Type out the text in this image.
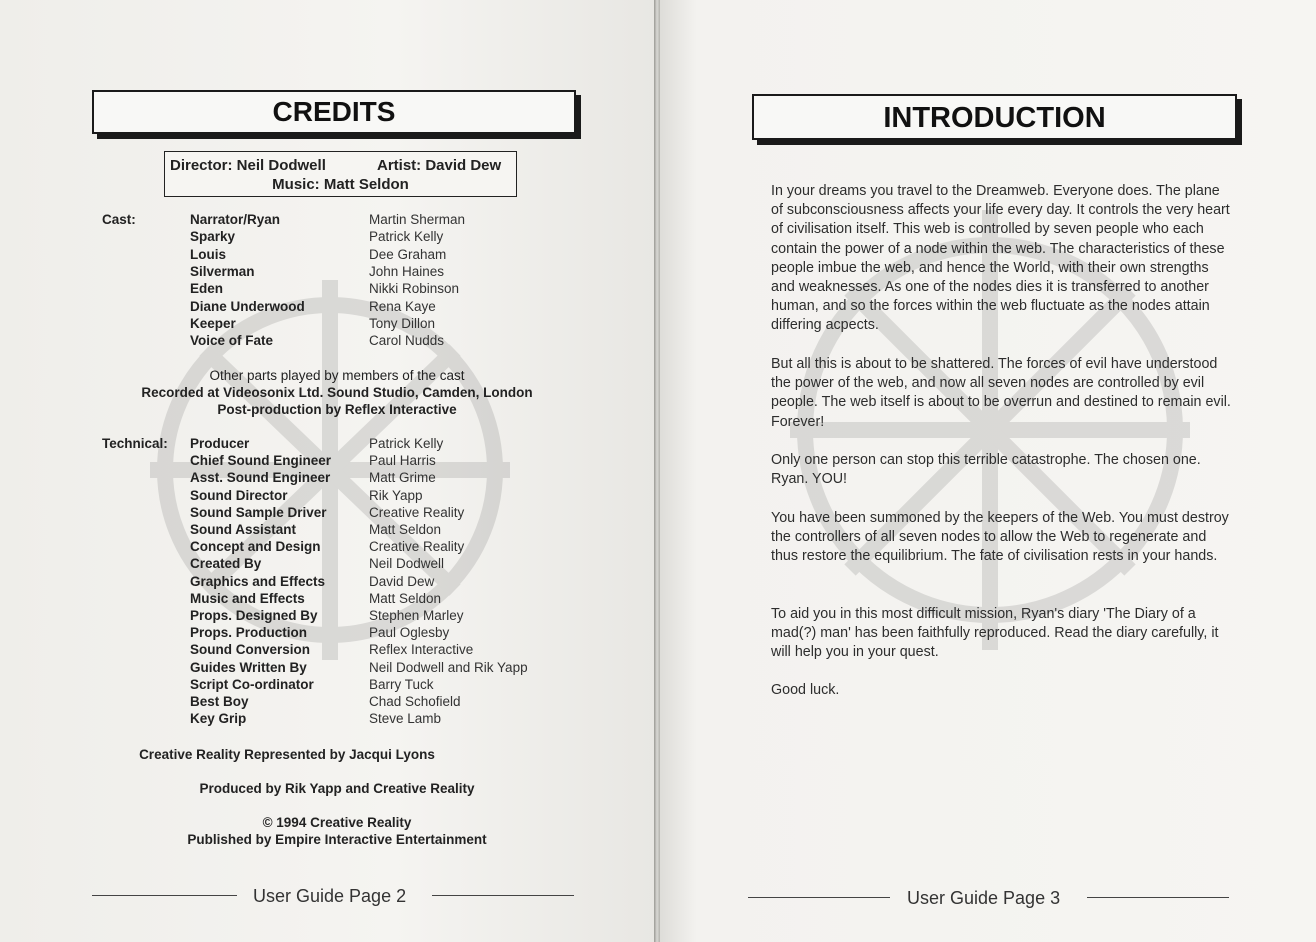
CREDITS
Director: Neil Dodwell	Artist: David Dew
Music: Matt Seldon
Cast:	Narrator/Ryan	Martin Sherman
Sparky	Patrick Kelly
Louis	Dee Graham
Silverman	John Haines
Eden	Nikki Robinson
Diane Underwood	Rena Kaye
Keeper	Tony Dillon
Voice of Fate	Carol Nudds
Other parts played by members of the cast
Recorded at Videosonix Ltd. Sound Studio, Camden, London
Post-production by Reflex Interactive
Technical: Producer	Patrick Kelly
Chief Sound Engineer	Paul Harris
Asst. Sound Engineer	Matt Grime
Sound Director	Rik Yapp
Sound Sample Driver	Creative Reality
Sound Assistant	Matt Seldon
Concept and Design	Creative Reality
Created By	Neil Dodwell
Graphics and Effects	David Dew
Music and Effects	Matt Seldon
Props. Designed By	Stephen Marley
Props. Production	Paul Oglesby
Sound Conversion	Reflex Interactive
Guides Written By	Neil Dodwell and Rik Yapp
Script Co-ordinator	Barry Tuck
Best Boy	Chad Schofield
Key Grip	Steve Lamb
Creative Reality Represented by Jacqui Lyons
Produced by Rik Yapp and Creative Reality
© 1994 Creative Reality
Published by Empire Interactive Entertainment
User Guide Page 2
INTRODUCTION

In your dreams you travel to the Dreamweb. Everyone does. The plane of subconsciousness affects your life every day. It controls the very heart of civilisation itself. This web is controlled by seven people who each contain the power of a node within the web. The characteristics of these people imbue the web, and hence the World, with their own strengths and weaknesses. As one of the nodes dies it is transferred to another human, and so the forces within the web fluctuate as the nodes attain differing acpects.

But all this is about to be shattered. The forces of evil have understood the power of the web, and now all seven nodes are controlled by evil people. The web itself is about to be overrun and destined to remain evil. Forever!

Only one person can stop this terrible catastrophe. The chosen one. Ryan. YOU!

You have been summoned by the keepers of the Web. You must destroy the controllers of all seven nodes to allow the Web to regenerate and thus restore the equilibrium. The fate of civilisation rests in your hands.

To aid you in this most difficult mission, Ryan's diary 'The Diary of a mad(?) man' has been faithfully reproduced. Read the diary carefully, it will help you in your quest.

Good luck.

User Guide Page 3
